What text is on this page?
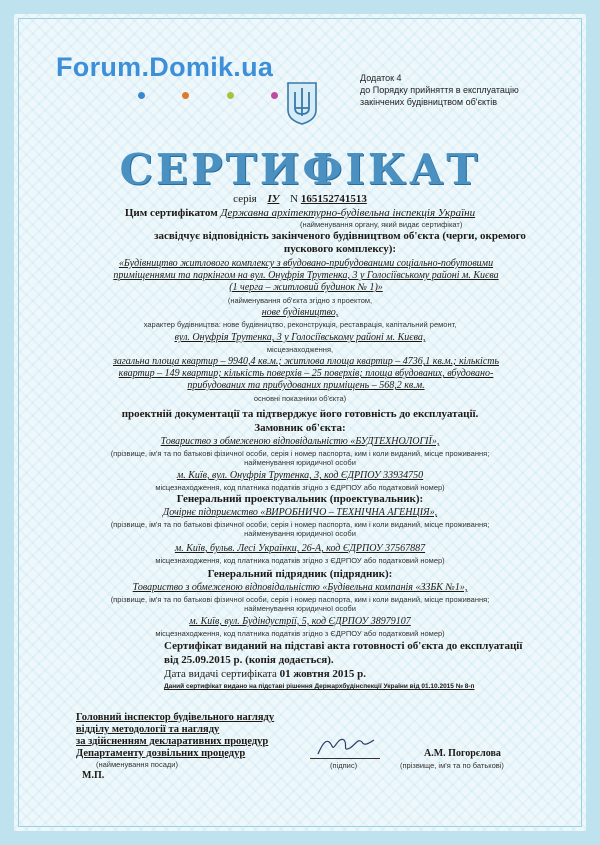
Forum.Domik.ua	Додаток 4
до Порядку прийняття в експлуатацію
закінчених будівництвом об'єктів
СЕРТИФІКАТ
серія ІУ N 165152741513
Цим сертифікатом Державна архітектурно-будівельна інспекція України
(найменування органу, який видає сертифікат)
засвідчує відповідність закінченого будівництвом об'єкта (черги, окремого пускового комплексу):
«Будівництво житлового комплексу з вбудовано-прибудованими соціально-побутовими
приміщеннями та паркінгом на вул. Онуфрія Трутенка, 3 у Голосіївському районі м. Києва
(1 черга – житловий будинок № 1)»
(найменування об'єкта згідно з проектом,
нове будівництво,
характер будівництва: нове будівництво, реконструкція, реставрація, капітальний ремонт,
вул. Онуфрія Трутенка, 3 у Голосіївському районі м. Києва,
місцезнаходження,
загальна площа квартир – 9940,4 кв.м.; житлова площа квартир – 4736,1 кв.м.; кількість
квартир – 149 квартир; кількість поверхів – 25 поверхів; площа вбудованих, вбудовано-
прибудованих та прибудованих приміщень – 568,2 кв.м.
основні показники об'єкта)
проектній документації та підтверджує його готовність до експлуатації.
Замовник об'єкта:
Товариство з обмеженою відповідальністю «БУДТЕХНОЛОГІЇ»,
(прізвище, ім'я та по батькові фізичної особи, серія і номер паспорта, ким і коли виданий, місце проживання;
найменування юридичної особи
м. Київ, вул. Онуфрія Трутенка, 3, код ЄДРПОУ 33934750
місцезнаходження, код платника податків згідно з ЄДРПОУ або податковий номер)
Генеральний проектувальник (проектувальник):
Дочірнє підприємство «ВИРОБНИЧО – ТЕХНІЧНА АГЕНЦІЯ»,
(прізвище, ім'я та по батькові фізичної особи, серія і номер паспорта, ким і коли виданий, місце проживання;
найменування юридичної особи
м. Київ, бульв. Лесі Українки, 26-А, код ЄДРПОУ 37567887
місцезнаходження, код платника податків згідно з ЄДРПОУ або податковий номер)
Генеральний підрядник (підрядник):
Товариство з обмеженою відповідальністю «Будівельна компанія «ЗЗБК №1»,
(прізвище, ім'я та по батькові фізичної особи, серія і номер паспорта, ким і коли виданий, місце проживання;
найменування юридичної особи
м. Київ, вул. Будіндустрії, 5, код ЄДРПОУ 38979107
місцезнаходження, код платника податків згідно з ЄДРПОУ або податковий номер)
Сертифікат виданий на підставі акта готовності об'єкта до експлуатації
від 25.09.2015 р. (копія додається).
Дата видачі сертифіката 01 жовтня 2015 р.
Даний сертифікат видано на підставі рішення Держархбудінспекції України від 01.10.2015 № 8-п
Головний інспектор будівельного нагляду
відділу методології та нагляду
за здійсненням декларативних процедур
Департаменту дозвільних процедур
(найменування посади)
М.П.
(підпис)
А.М. Погорєлова
(прізвище, ім'я та по батькові)
